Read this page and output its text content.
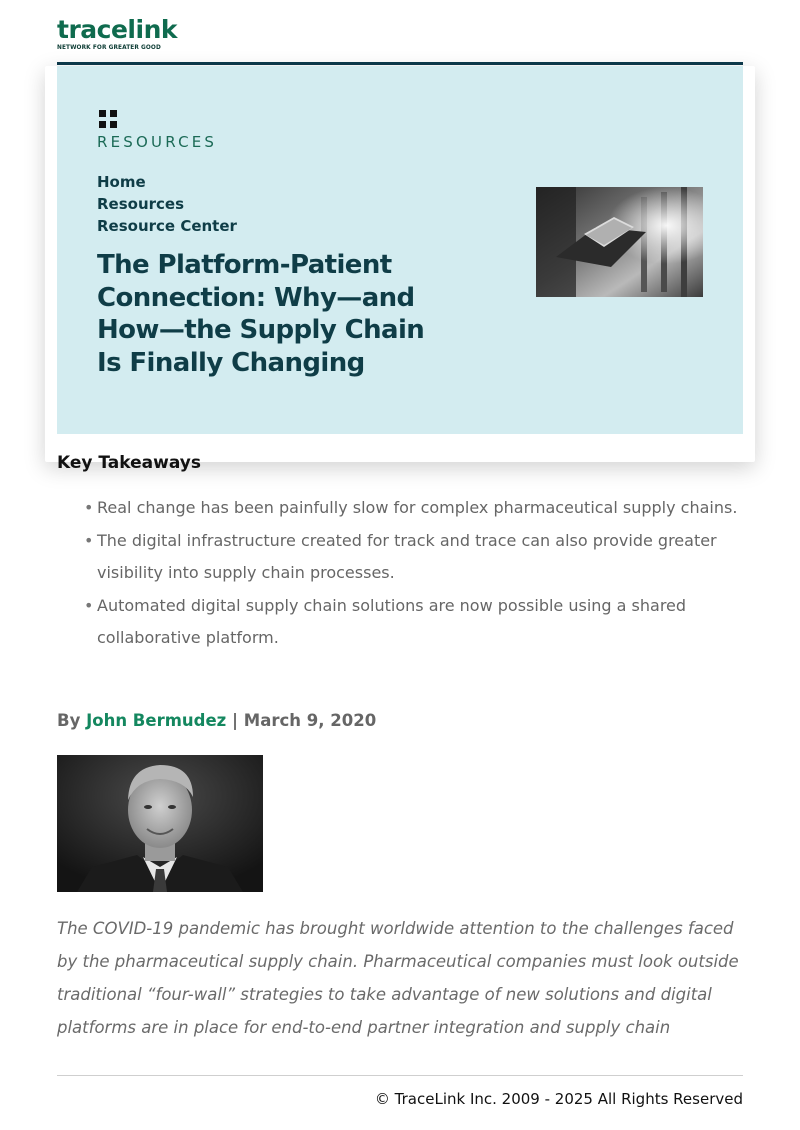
tracelink
NETWORK FOR GREATER GOOD
RESOURCES
Home
Resources
Resource Center
The Platform-Patient Connection: Why—and How—the Supply Chain Is Finally Changing
Key Takeaways
• Real change has been painfully slow for complex pharmaceutical supply chains.
• The digital infrastructure created for track and trace can also provide greater visibility into supply chain processes.
• Automated digital supply chain solutions are now possible using a shared collaborative platform.
By John Bermudez | March 9, 2020

The COVID-19 pandemic has brought worldwide attention to the challenges faced by the pharmaceutical supply chain. Pharmaceutical companies must look outside traditional “four-wall” strategies to take advantage of new solutions and digital platforms are in place for end-to-end partner integration and supply chain

© TraceLink Inc. 2009 - 2025 All Rights Reserved
